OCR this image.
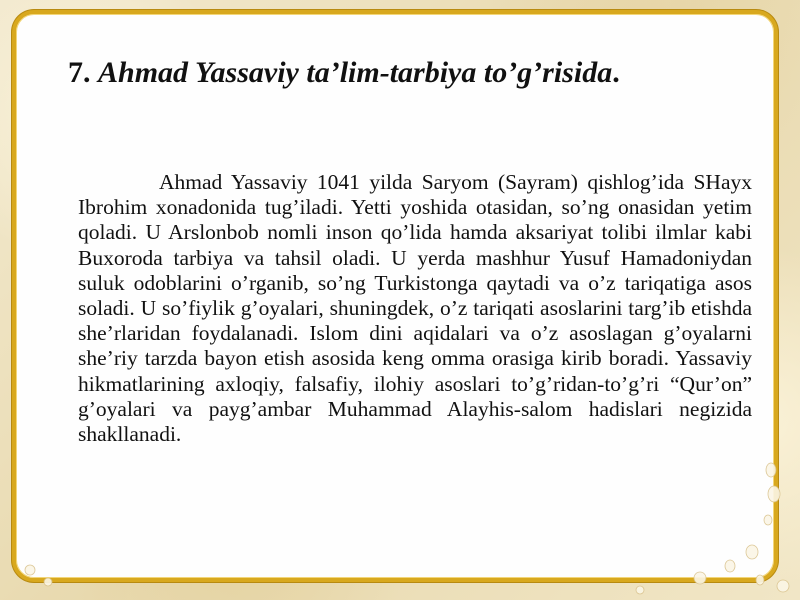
7. Ahmad Yassaviy ta’lim-tarbiya to’g’risida.

Ahmad Yassaviy 1041 yilda Saryom (Sayram) qishlog’ida SHayx Ibrohim xonadonida tug’iladi. Yetti yoshida otasidan, so’ng onasidan yetim qoladi. U Arslonbob nomli inson qo’lida hamda aksariyat tolibi ilmlar kabi Buxoroda tarbiya va tahsil oladi. U yerda mashhur Yusuf Hamadoniydan suluk odoblarini o’rganib, so’ng Turkistonga qaytadi va o’z tariqatiga asos soladi. U so’fiylik g’oyalari, shuningdek, o’z tariqati asoslarini targ’ib etishda she’rlaridan foydalanadi. Islom dini aqidalari va o’z asoslagan g’oyalarni she’riy tarzda bayon etish asosida keng omma orasiga kirib boradi. Yassaviy hikmatlarining axloqiy, falsafiy, ilohiy asoslari to’g’ridan-to’g’ri “Qur’on” g’oyalari va payg’ambar Muhammad Alayhis-salom hadislari negizida shakllanadi.
